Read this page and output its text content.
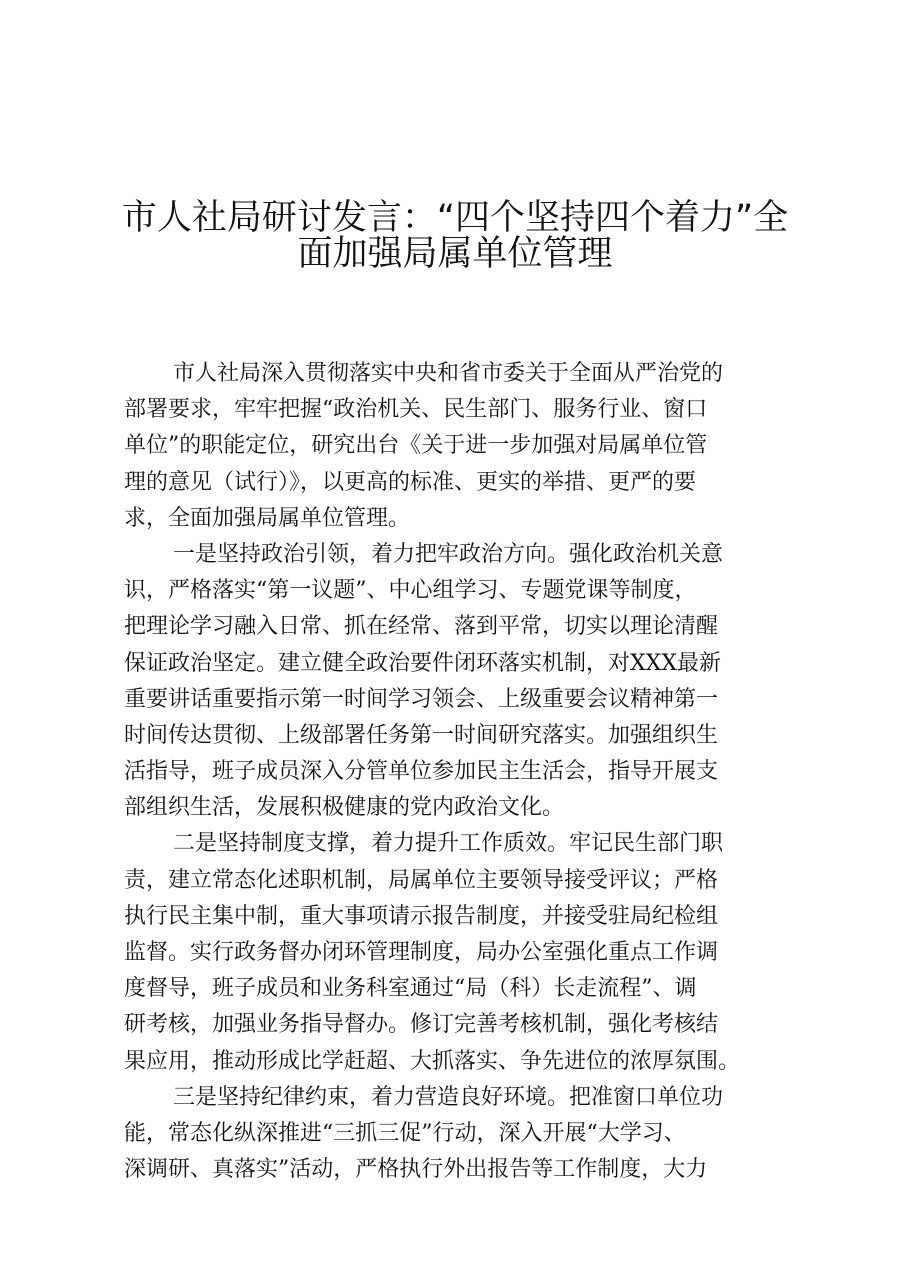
市人社局研讨发言：“四个坚持四个着力”全
面加强局属单位管理
市人社局深入贯彻落实中央和省市委关于全面从严治党的
部署要求，牢牢把握“政治机关、民生部门、服务行业、窗口
单位”的职能定位，研究出台《关于进一步加强对局属单位管
理的意见（试行）》，以更高的标准、更实的举措、更严的要
求，全面加强局属单位管理。
一是坚持政治引领，着力把牢政治方向。强化政治机关意
识，严格落实“第一议题”、中心组学习、专题党课等制度，
把理论学习融入日常、抓在经常、落到平常，切实以理论清醒
保证政治坚定。建立健全政治要件闭环落实机制，对XXX最新
重要讲话重要指示第一时间学习领会、上级重要会议精神第一
时间传达贯彻、上级部署任务第一时间研究落实。加强组织生
活指导，班子成员深入分管单位参加民主生活会，指导开展支
部组织生活，发展积极健康的党内政治文化。
二是坚持制度支撑，着力提升工作质效。牢记民生部门职
责，建立常态化述职机制，局属单位主要领导接受评议；严格
执行民主集中制，重大事项请示报告制度，并接受驻局纪检组
监督。实行政务督办闭环管理制度，局办公室强化重点工作调
度督导，班子成员和业务科室通过“局（科）长走流程”、调
研考核，加强业务指导督办。修订完善考核机制，强化考核结
果应用，推动形成比学赶超、大抓落实、争先进位的浓厚氛围。
三是坚持纪律约束，着力营造良好环境。把准窗口单位功
能，常态化纵深推进“三抓三促”行动，深入开展“大学习、
深调研、真落实”活动，严格执行外出报告等工作制度，大力
